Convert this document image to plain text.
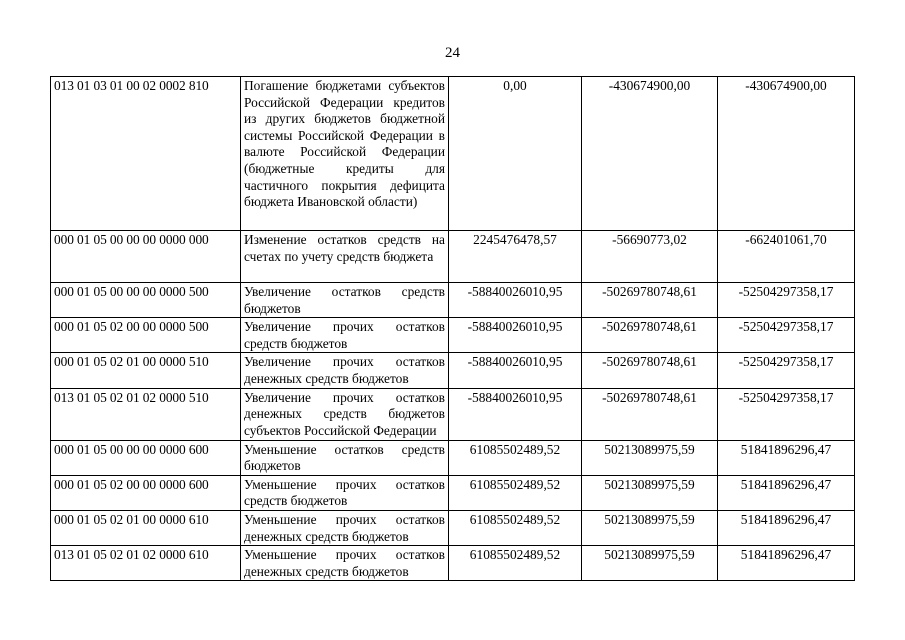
24
013 01 03 01 00 02 0002 810	Погашение бюджетами субъектов Российской Федерации кредитов из других бюджетов бюджетной системы Российской Федерации в валюте Российской Федерации (бюджетные кредиты для частичного покрытия дефицита бюджета Ивановской области)	0,00	-430674900,00	-430674900,00
000 01 05 00 00 00 0000 000	Изменение остатков средств на счетах по учету средств бюджета	2245476478,57	-56690773,02	-662401061,70
000 01 05 00 00 00 0000 500	Увеличение остатков средств бюджетов	-58840026010,95	-50269780748,61	-52504297358,17
000 01 05 02 00 00 0000 500	Увеличение прочих остатков средств бюджетов	-58840026010,95	-50269780748,61	-52504297358,17
000 01 05 02 01 00 0000 510	Увеличение прочих остатков денежных средств бюджетов	-58840026010,95	-50269780748,61	-52504297358,17
013 01 05 02 01 02 0000 510	Увеличение прочих остатков денежных средств бюджетов субъектов Российской Федерации	-58840026010,95	-50269780748,61	-52504297358,17
000 01 05 00 00 00 0000 600	Уменьшение остатков средств бюджетов	61085502489,52	50213089975,59	51841896296,47
000 01 05 02 00 00 0000 600	Уменьшение прочих остатков средств бюджетов	61085502489,52	50213089975,59	51841896296,47
000 01 05 02 01 00 0000 610	Уменьшение прочих остатков денежных средств бюджетов	61085502489,52	50213089975,59	51841896296,47
013 01 05 02 01 02 0000 610	Уменьшение прочих остатков денежных средств бюджетов	61085502489,52	50213089975,59	51841896296,47
